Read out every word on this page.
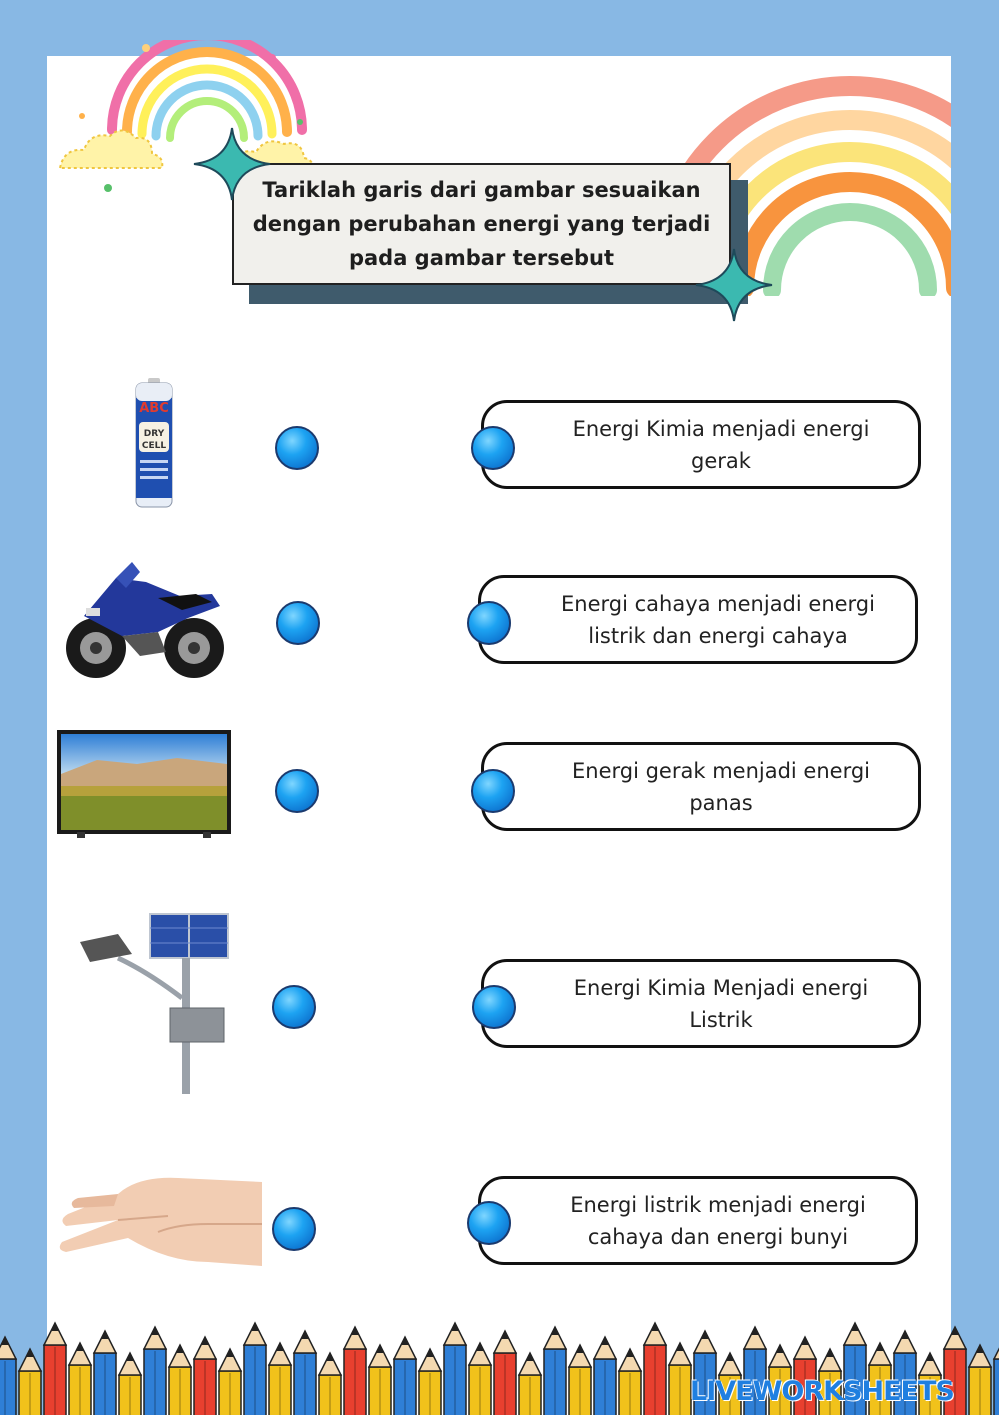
Tariklah garis dari gambar sesuaikan
dengan perubahan energi yang terjadi
pada gambar tersebut

ABC
DRY
CELL
Energi Kimia menjadi energi
gerak
Energi cahaya menjadi energi
listrik dan energi cahaya
Energi gerak menjadi energi
panas
Energi Kimia Menjadi energi
Listrik
Energi listrik menjadi energi
cahaya dan energi bunyi
LIVEWORKSHEETS
